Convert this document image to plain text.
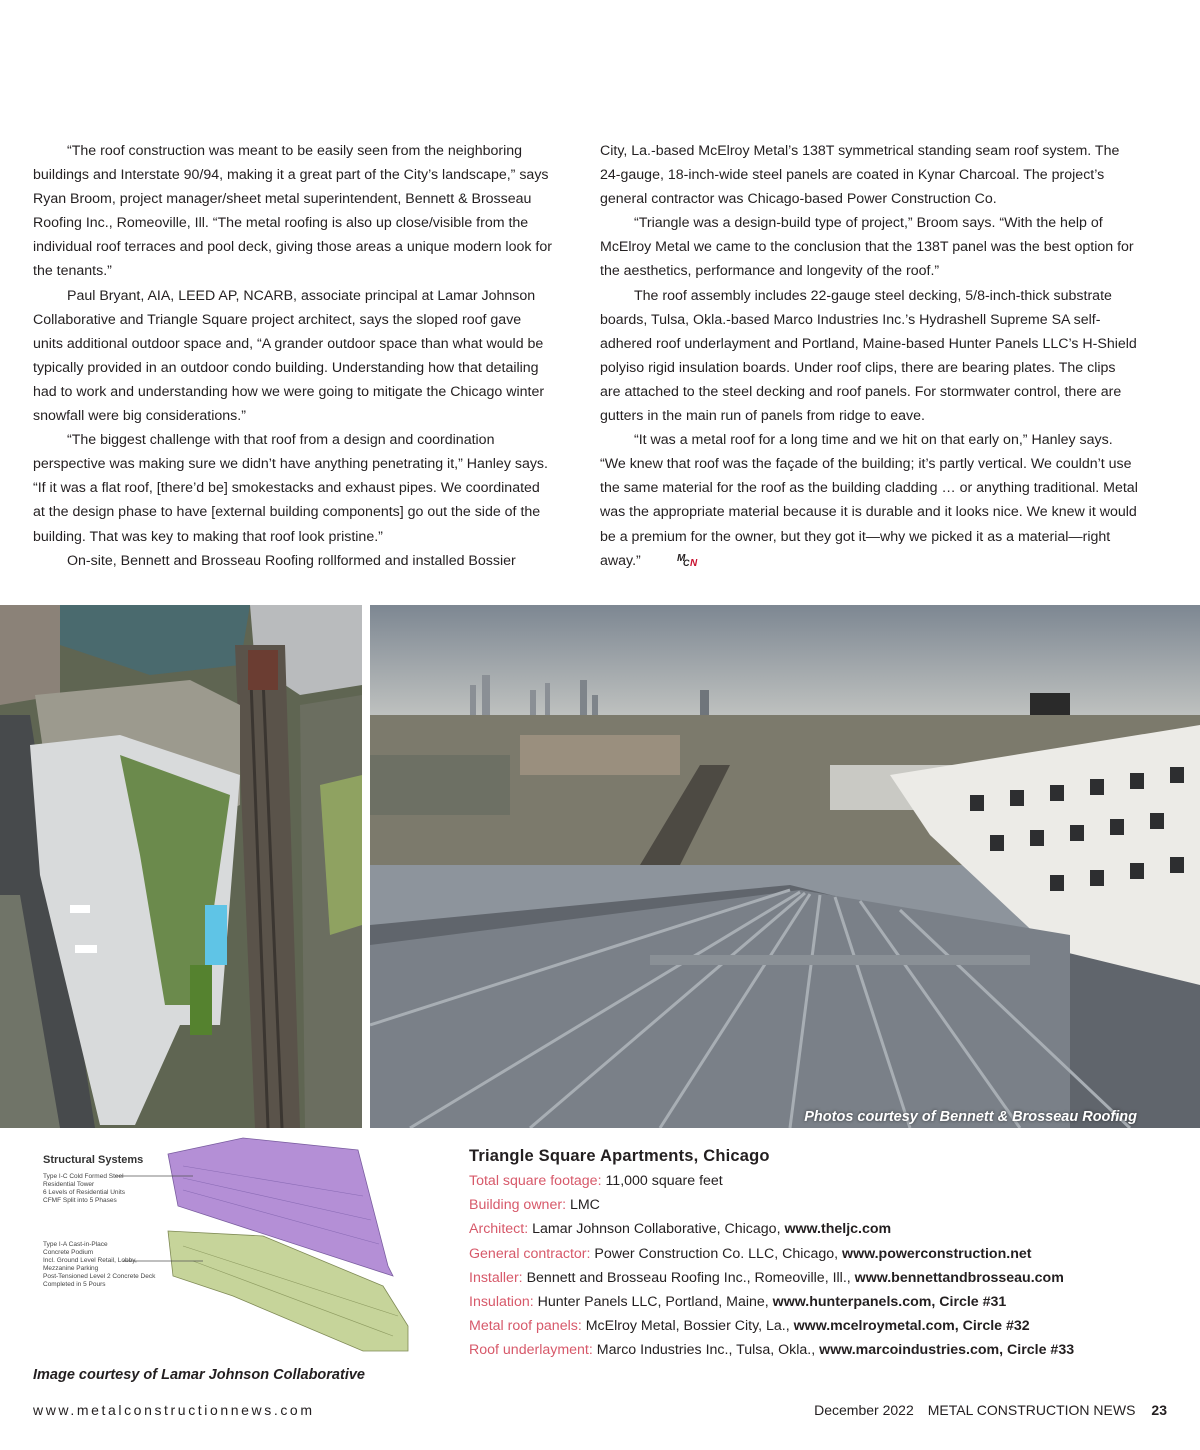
“The roof construction was meant to be easily seen from the neighboring buildings and Interstate 90/94, making it a great part of the City’s landscape,” says Ryan Broom, project manager/sheet metal superintendent, Bennett & Brosseau Roofing Inc., Romeoville, Ill. “The metal roofing is also up close/visible from the individual roof terraces and pool deck, giving those areas a unique modern look for the tenants.”

Paul Bryant, AIA, LEED AP, NCARB, associate principal at Lamar Johnson Collaborative and Triangle Square project architect, says the sloped roof gave units additional outdoor space and, “A grander outdoor space than what would be typically provided in an outdoor condo building. Understanding how that detailing had to work and understanding how we were going to mitigate the Chicago winter snowfall were big considerations.”

“The biggest challenge with that roof from a design and coordination perspective was making sure we didn’t have anything penetrating it,” Hanley says. “If it was a flat roof, [there’d be] smokestacks and exhaust pipes. We coordinated at the design phase to have [external building components] go out the side of the building. That was key to making that roof look pristine.”

On-site, Bennett and Brosseau Roofing rollformed and installed Bossier

City, La.-based McElroy Metal’s 138T symmetrical standing seam roof system. The 24-gauge, 18-inch-wide steel panels are coated in Kynar Charcoal. The project’s general contractor was Chicago-based Power Construction Co.

“Triangle was a design-build type of project,” Broom says. “With the help of McElroy Metal we came to the conclusion that the 138T panel was the best option for the aesthetics, performance and longevity of the roof.”

The roof assembly includes 22-gauge steel decking, 5/8-inch-thick substrate boards, Tulsa, Okla.-based Marco Industries Inc.’s Hydrashell Supreme SA self-adhered roof underlayment and Portland, Maine-based Hunter Panels LLC’s H-Shield polyiso rigid insulation boards. Under roof clips, there are bearing plates. The clips are attached to the steel decking and roof panels. For stormwater control, there are gutters in the main run of panels from ridge to eave.

“It was a metal roof for a long time and we hit on that early on,” Hanley says. “We knew that roof was the façade of the building; it’s partly vertical. We couldn’t use the same material for the roof as the building cladding … or anything traditional. Metal was the appropriate material because it is durable and it looks nice. We knew it would be a premium for the owner, but they got it—why we picked it as a material—right away.”	M
C N

Photos courtesy of Bennett & Brosseau Roofing
Structural Systems
Type I-C Cold Formed Steel Residential Tower 6 Levels of Residential Units CFMF Split into 5 Phases
Type I-A Cast-in-Place Concrete Podium Incl. Ground Level Retail, Lobby, Mezzanine Parking Post-Tensioned Level 2 Concrete Deck Completed in 5 Pours
Image courtesy of Lamar Johnson Collaborative
Triangle Square Apartments, Chicago
Total square footage: 11,000 square feet
Building owner: LMC
Architect: Lamar Johnson Collaborative, Chicago, www.theljc.com
General contractor: Power Construction Co. LLC, Chicago, www.powerconstruction.net
Installer: Bennett and Brosseau Roofing Inc., Romeoville, Ill., www.bennettandbrosseau.com
Insulation: Hunter Panels LLC, Portland, Maine, www.hunterpanels.com, Circle #31
Metal roof panels: McElroy Metal, Bossier City, La., www.mcelroymetal.com, Circle #32
Roof underlayment: Marco Industries Inc., Tulsa, Okla., www.marcoindustries.com, Circle #33
www.metalconstructionnews.com	December 2022 METAL CONSTRUCTION NEWS 23
